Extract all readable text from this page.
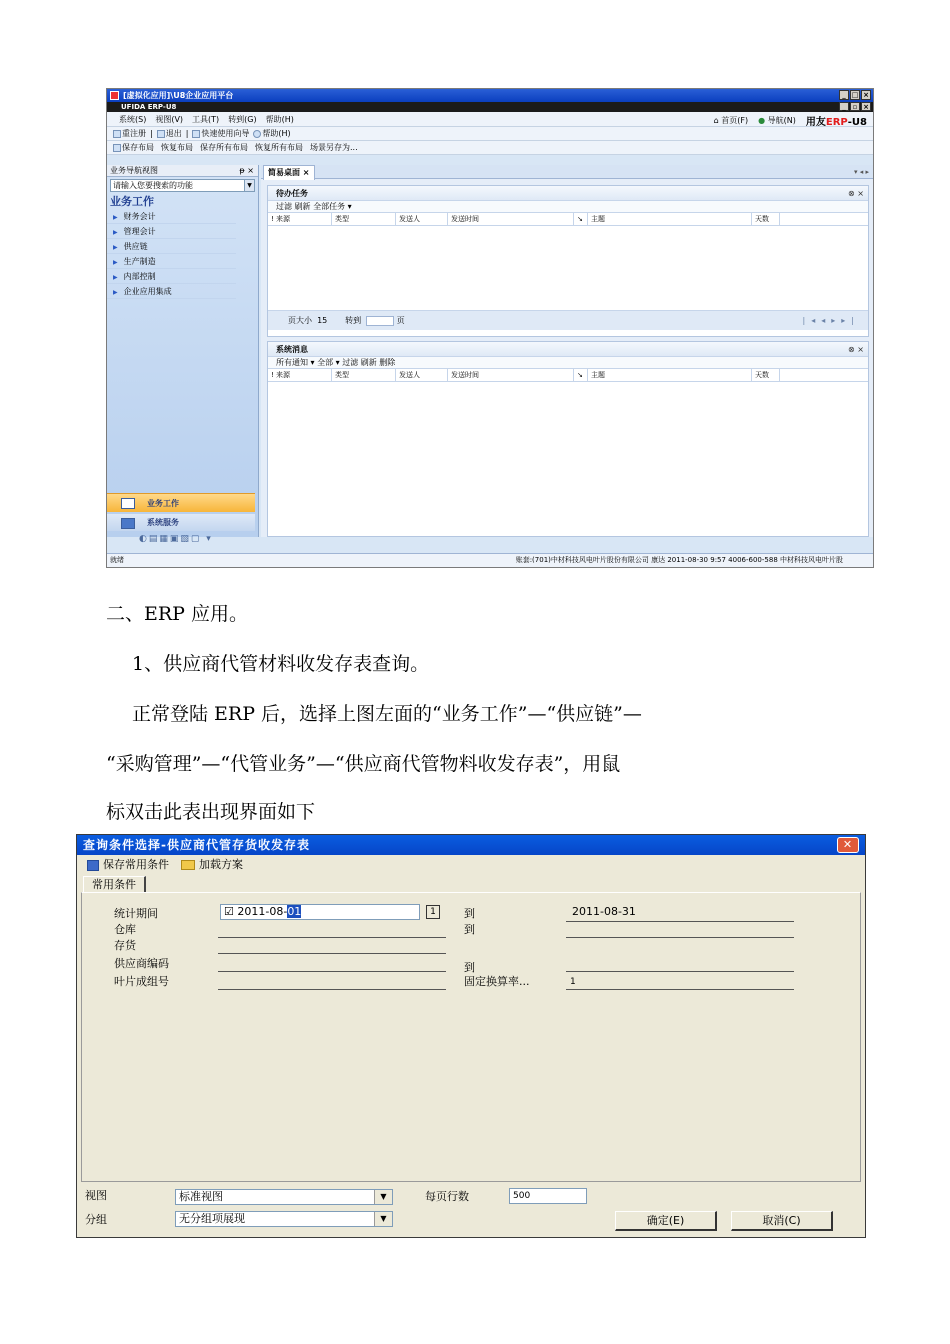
[虚拟化应用]\U8企业应用平台	_ □ ×
UFIDA ERP-U8	_ ▫ ×
系统(S) 视图(V) 工具(T) 转到(G) 帮助(H)	⌂ 首页(F) ● 导航(N) 用友ERP-U8
重注册 |	退出 |	快速使用向导	帮助(H)
保存布局 恢复布局 保存所有布局 恢复所有布局 场景另存为...
业务导航视图	ᵽ ×
请输入您要搜索的功能	▼
业务工作
▶ 财务会计
▶ 管理会计
▶ 供应链
▶ 生产制造
▶ 内部控制
▶ 企业应用集成
业务工作
系统服务
◐▤▦▣▧▢ ▾
简易桌面 ×	▾ ◂ ▸
待办任务	⊗ ×
过滤 刷新 全部任务 ▾
! 来源	类型	发送人	发送时间	↘	主题	天数
页大小 15 转到	页	|◂◂▸▸|
系统消息	⊗ ×
所有通知 ▾ 全部 ▾ 过滤 刷新 删除
! 来源	类型	发送人	发送时间	↘	主题	天数
就绪	账套:(701)中材科技风电叶片股份有限公司 康达 2011-08-30 9:57 4006-600-588 中材科技风电叶片股
二、ERP 应用。
1、供应商代管材料收发存表查询。
正常登陆 ERP 后，选择上图左面的“业务工作”—“供应链”—
“采购管理”—“代管业务”—“供应商代管物料收发存表”，用鼠
标双击此表出现界面如下
查询条件选择-供应商代管存货收发存表	✕
保存常用条件	加载方案
常用条件
统计期间	☑ 2011-08-01	1	到	2011-08-31
仓库	到
存货
供应商编码	到
叶片成组号	固定换算率...	1
视图	标准视图	▼	每页行数	500
分组	无分组项展现	▼	确定(E)	取消(C)
